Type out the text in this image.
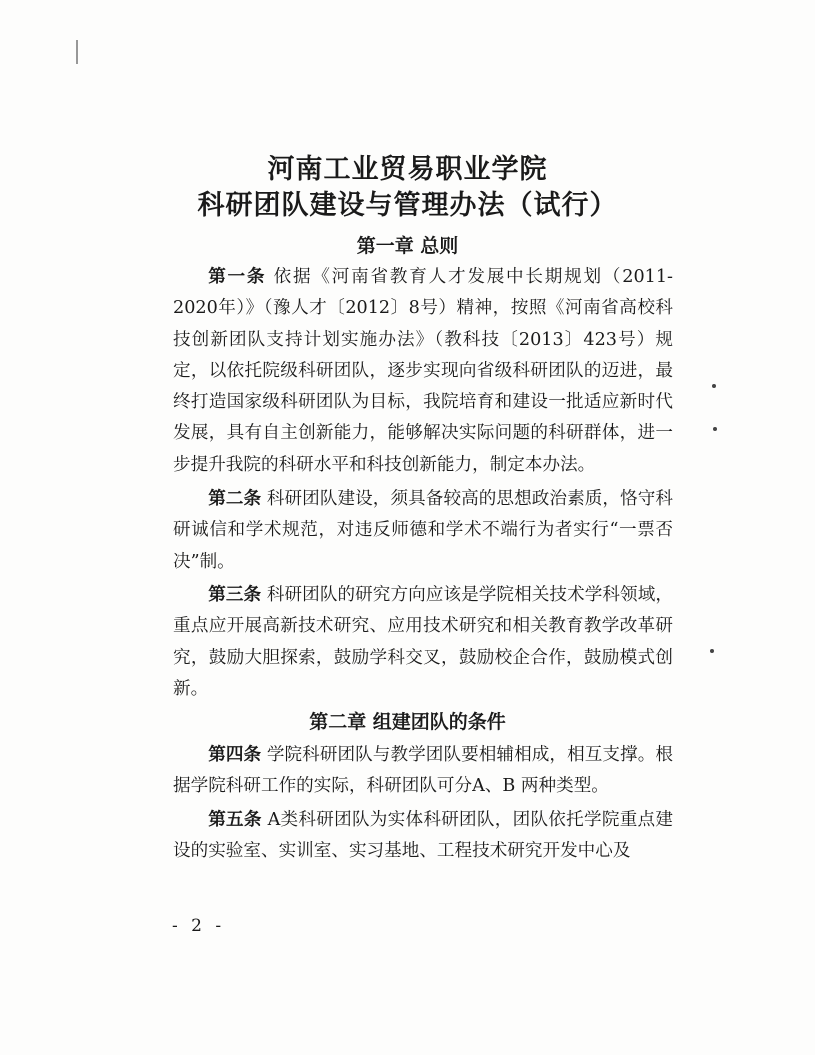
河南工业贸易职业学院

科研团队建设与管理办法（试行）

第一章 总则

第一条 依据《河南省教育人才发展中长期规划（2011-2020年）》（豫人才〔2012〕8号）精神，按照《河南省高校科技创新团队支持计划实施办法》（教科技〔2013〕423号）规定，以依托院级科研团队，逐步实现向省级科研团队的迈进，最终打造国家级科研团队为目标，我院培育和建设一批适应新时代发展，具有自主创新能力，能够解决实际问题的科研群体，进一步提升我院的科研水平和科技创新能力，制定本办法。

第二条 科研团队建设，须具备较高的思想政治素质，恪守科研诚信和学术规范，对违反师德和学术不端行为者实行“一票否决”制。

第三条 科研团队的研究方向应该是学院相关技术学科领域，重点应开展高新技术研究、应用技术研究和相关教育教学改革研究，鼓励大胆探索，鼓励学科交叉，鼓励校企合作，鼓励模式创新。

第二章 组建团队的条件

第四条 学院科研团队与教学团队要相辅相成，相互支撑。根据学院科研工作的实际，科研团队可分A、B 两种类型。

第五条 A类科研团队为实体科研团队，团队依托学院重点建设的实验室、实训室、实习基地、工程技术研究开发中心及

- 2 -
